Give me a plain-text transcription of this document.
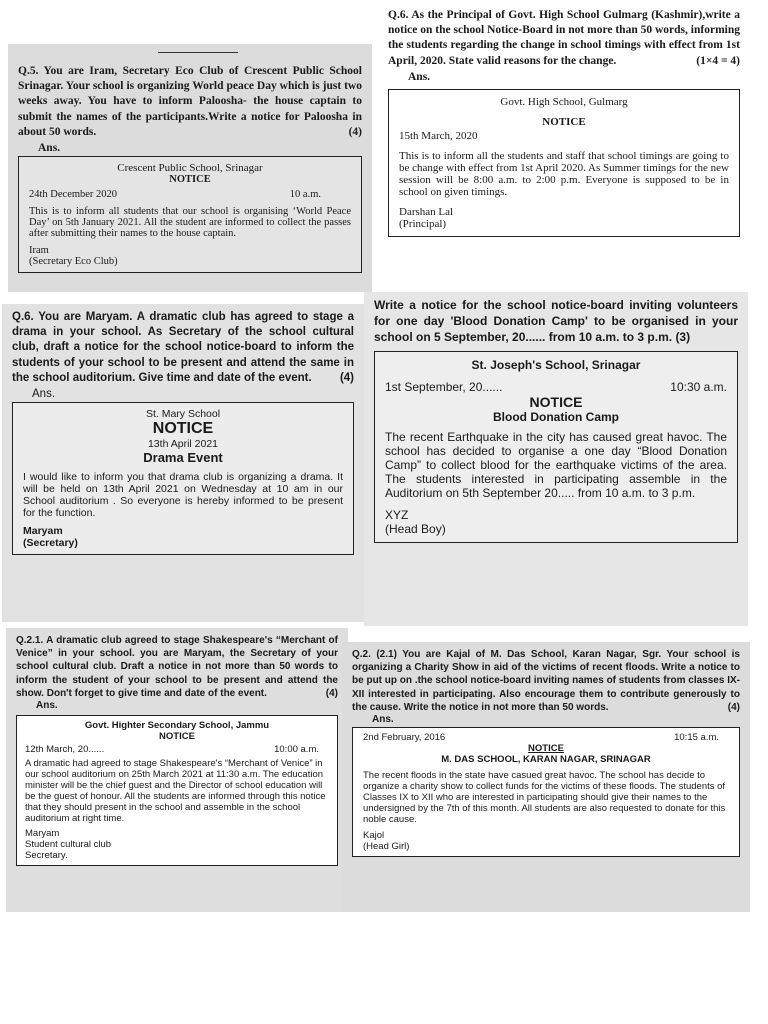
Q.5. You are Iram, Secretary Eco Club of Crescent Public School Srinagar. Your school is organizing World peace Day which is just two weeks away. You have to inform Paloosha- the house captain to submit the names of the participants.Write a notice for Paloosha in about 50 words.	(4)
Ans.
Crescent Public School, Srinagar
NOTICE
24th December 2020	10 a.m.
This is to inform all students that our school is organising ‘World Peace Day’ on 5th January 2021. All the student are informed to collect the passes after submitting their names to the house captain.
Iram
(Secretary Eco Club)
Q.6. As the Principal of Govt. High School Gulmarg (Kashmir),write a notice on the school Notice-Board in not more than 50 words, informing the students regarding the change in school timings with effect from 1st April, 2020. State valid reasons for the change.	(1×4 = 4)
Ans.
Govt. High School, Gulmarg
NOTICE
15th March, 2020
This is to inform all the students and staff that school timings are going to be change with effect from 1st April 2020. As Summer timings for the new session will be 8:00 a.m. to 2:00 p.m. Everyone is supposed to be in school on given timings.
Darshan Lal
(Principal)
Q.6. You are Maryam. A dramatic club has agreed to stage a drama in your school. As Secretary of the school cultural club, draft a notice for the school notice-board to inform the students of your school to be present and attend the same in the school auditorium. Give time and date of the event. (4)
Ans.
St. Mary School
NOTICE
13th April 2021
Drama Event
I would like to inform you that drama club is organizing a drama. It will be held on 13th April 2021 on Wednesday at 10 am in our School auditorium . So everyone is hereby informed to be present for the function.
Maryam
(Secretary)
Write a notice for the school notice-board inviting volunteers for one day 'Blood Donation Camp' to be organised in your school on 5 September, 20...... from 10 a.m. to 3 p.m. (3)
St. Joseph's School, Srinagar
1st September, 20......	10:30 a.m.
NOTICE
Blood Donation Camp
The recent Earthquake in the city has caused great havoc. The school has decided to organise a one day “Blood Donation Camp” to collect blood for the earthquake victims of the area. The students interested in participating assemble in the Auditorium on 5th September 20..... from 10 a.m. to 3 p.m.
XYZ
(Head Boy)
Q.2.1. A dramatic club agreed to stage Shakespeare's “Merchant of Venice” in your school. you are Maryam, the Secretary of your school cultural club. Draft a notice in not more than 50 words to inform the student of your school to be present and attend the show. Don't forget to give time and date of the event.	(4)
Ans.
Govt. Highter Secondary School, Jammu
NOTICE
12th March, 20......	10:00 a.m.
A dramatic had agreed to stage Shakespeare's “Merchant of Venice” in our school auditorium on 25th March 2021 at 11:30 a.m. The education minister will be the chief guest and the Director of school education will be the guest of honour. All the students are informed through this notice that they should present in the school and assemble in the school auditorium at right time.
Maryam
Student cultural club
Secretary.
Q.2. (2.1) You are Kajal of M. Das School, Karan Nagar, Sgr. Your school is organizing a Charity Show in aid of the victims of recent floods. Write a notice to be put up on .the school notice-board inviting names of students from classes IX-XII interested in participating. Also encourage them to contribute generously to the cause. Write the notice in not more than 50 words.	(4)
Ans.
2nd February, 2016	10:15 a.m.
NOTICE
M. DAS SCHOOL, KARAN NAGAR, SRINAGAR
The recent floods in the state have casued great havoc. The school has decide to organize a charity show to collect funds for the victims of these floods. The students of Classes IX to XII who are interested in participating should give their names to the undersigned by the 7th of this month. All students are also requested to donate for this noble cause.
Kajol
(Head Girl)
